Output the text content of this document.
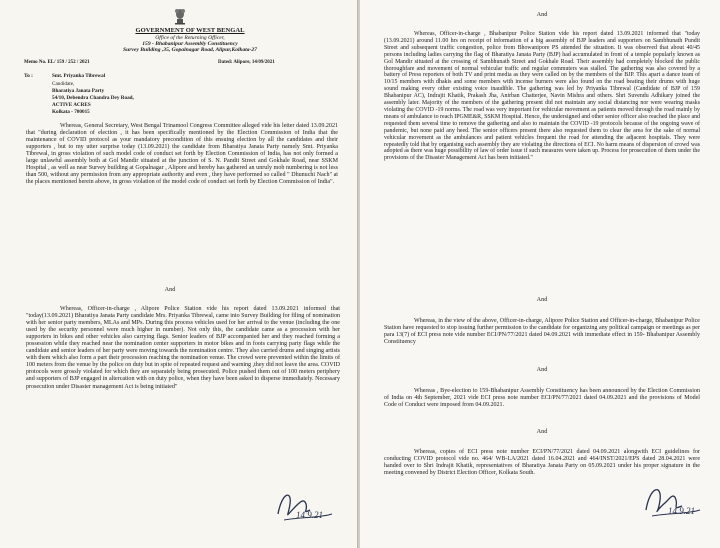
GOVERNMENT OF WEST BENGAL
Office of the Returning Officer,
159 - Bhabanipur Assembly Constituency
Survey Building ,35, Gopalnagar Road, Alipur,Kolkata-27
Memo No. EL/ 159 / 252 / 2021	Dated: Alipore, 14/09/2021
To :	Smt. Priyanka Tibrewal
Candidate,
Bharatiya Janata Party
54/10, Debendra Chandra Dey Road,
ACTIVE ACRES
Kolkata - 700015
Whereas, General Secretary, West Bengal Trinamool Congress Committee alleged vide his letter dated 13.09.2021 that "during declaration of election , it has been specifically mentioned by the Election Commission of India that the maintenance of COVID protocol as your mandatory precondition of this ensuing election by all the candidates and their supporters , but to my utter surprise today (13.09.2021) the candidate from Bharatiya Janata Party namely Smt. Priyanka Tibrewal, in gross violation of such model code of conduct set forth by Election Commission of India, has not only formed a large unlawful assembly both at Gol Mandir situated at the junction of S. N. Pandit Street and Gokhale Road, near SSKM Hospital , as well as near Survey building at Gopalnagar , Alipore and hereby has gathered an unruly mob numbering is not less than 500, without any permission from any appropriate authority and even , they have performed so called " Dhunuchi Nach" at the places mentioned herein above, in gross violation of the model code of conduct set forth by Election Commission of India".
And
Whereas, Officer-in-charge , Alipore Police Station vide his report dated 13.09.2021 informed that "today(13.09.2021) Bharatiya Janata Party candidate Mrs. Priyanka Tibrewal, came into Survey Building for filing of nomination with her senior party members, MLAs and MPs. During this process vehicles used for her arrival to the venue (including the one used by the security personnel were much higher in number). Not only this, the candidate came as a procession with her supporters in bikes and other vehicles also carrying flags. Senior leaders of BJP accompanied her and they reached forming a possession while they reached near the nomination center supporters in motor bikes and in foots carrying party flags while the candidate and senior leaders of her party were moving towards the nomination centre. They also carried drums and singing artists with them which also form a part their procession reaching the nomination venue. The crowd were prevented within the limits of 100 meters from the venue by the police on duty but in spite of repeated request and warning ,they did not leave the area. COVID protocols were grossly violated for which they are separately being prosecuted. Police pushed them out of 100 meters periphery and supporters of BJP engaged in altercation with on duty police, when they have been asked to disperse immediately. Necessary prosecution under Disaster management Act is being initiated"
14.9.21
And
Whereas, Officer-in-charge , Bhabanipur Police Station vide his report dated 13.09.2021 informed that "today (13.09.2021) around 11.00 hrs on receipt of information of a big assembly of BJP leaders and supporters on Sambhunath Pundit Street and subsequent traffic congestion, police from Bhowanipore PS attended the situation. It was observed that about 40/45 persons including ladies carrying the flag of Bharatiya Janata Party (BJP) had accumulated in front of a temple popularly known as Gol Mandir situated at the crossing of Sambhunath Street and Gokhale Road. Their assembly had completely blocked the public thoroughfare and movement of normal vehicular traffic and regular commuters was stalled. The gathering was also covered by a battery of Press reporters of both TV and print media as they were called on by the members of the BJP. This apart a dance team of 10/15 members with dhakis and some members with incense burners were also found on the road beating their drums with huge sound making every other existing voice inaudible. The gathering was led by Priyanka Tibrewal (Candidate of BJP of 159 Bhabanipur AC), Indrajit Khatik, Prakash Jha, Anirban Chatterjee, Navin Mishra and others. Shri Suvendu Adhikary joined the assembly later. Majority of the members of the gathering present did not maintain any social distancing nor were wearing masks violating the COVID -19 norms. The road was very important for vehicular movement as patients moved through the road mainly by means of ambulance to reach IPGME&R, SSKM Hospital. Hence, the undersigned and other senior officer also reached the place and requested them several time to remove the gathering and also to maintain the COVID -19 protocols because of the ongoing wave of pandemic, but none paid any heed. The senior officers present there also requested them to clear the area for the sake of normal vehicular movement as the ambulances and patient vehicles frequent the road for attending the adjacent hospitals. They were repeatedly told that by organising such assembly they are violating the directions of ECI. No harm means of dispersion of crowd was adopted as there was huge possibility of law of order issue if such measures were taken up. Process for prosecution of them under the provisions of the Disaster Management Act has been initiated."
And
Whereas, in the view of the above, Officer-in-charge, Alipore Police Station and Officer-in-charge, Bhabanipur Police Station have requested to stop issuing further permission to the candidate for organizing any political campaign or meetings as per para 13(7) of ECI press note vide number ECI/PN/77/2021 dated 04.09.2021 with immediate effect in 159- Bhabanipur Assembly Constituency
And
Whereas , Bye-election to 159-Bhabanipur Assembly Constituency has been announced by the Election Commission of India on 4th September, 2021 vide ECI press note number ECI/PN/77/2021 dated 04.09.2021 and the provisions of Model Code of Conduct were imposed from 04.09.2021.
And
Whereas, copies of ECI press note number ECI/PN/77/2021 dated 04.09.2021 alongwith ECI guidelines for conducting COVID protocol vide no. 464/ WB-LA/2021 dated 16.04.2021 and 464/INST/2021/EPS dated 28.04.2021 were handed over to Shri Indrajit Khatik, representatives of Bharatiya Janata Party on 05.09.2021 under his proper signature in the meeting convened by District Election Officer, Kolkata South.
14.9.21
